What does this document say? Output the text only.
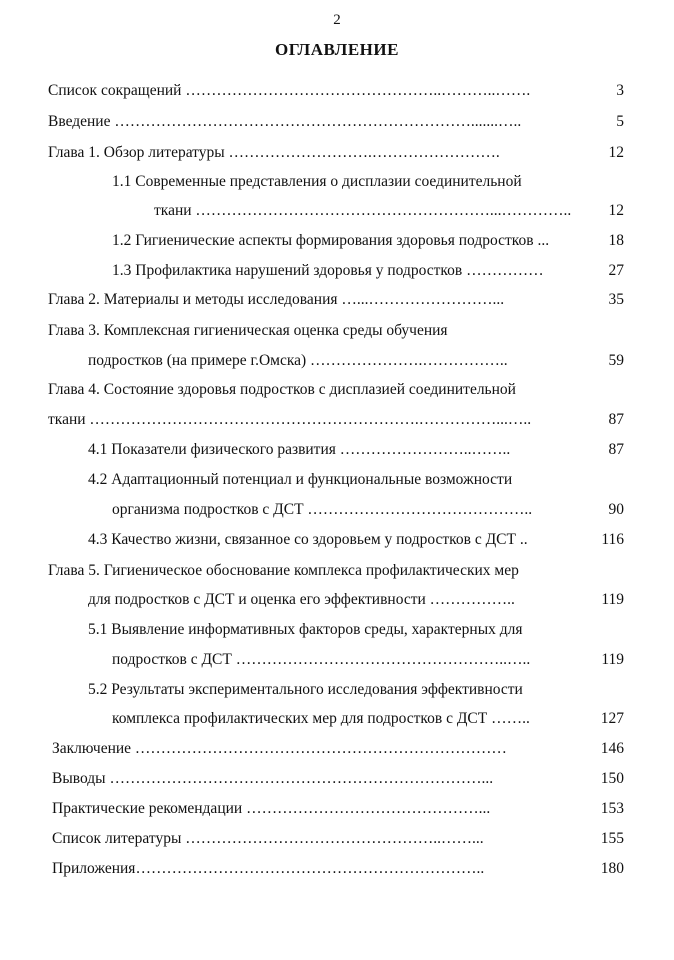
2
ОГЛАВЛЕНИЕ
Список сокращений …………………………………………..………..…….	3
Введение …………………………………………………………….......…..	5
Глава 1. Обзор литературы ……………………….…………………….	12
1.1 Современные представления о дисплазии соединительной
ткани …………………………………………………...………….. 12
1.2 Гигиенические аспекты формирования здоровья подростков ...	18
1.3 Профилактика нарушений здоровья у подростков ……………	27
Глава 2. Материалы и методы исследования …...……………………...	35
Глава 3. Комплексная гигиеническая оценка среды обучения
подростков (на примере г.Омска) ………………….……………..	59
Глава 4. Состояние здоровья подростков с дисплазией соединительной
ткани ……………………………………………………….……………...…..	87
4.1 Показатели физического развития ……………………..……..	87
4.2 Адаптационный потенциал и функциональные возможности
организма подростков с ДСТ ……………………………………..	90
4.3 Качество жизни, связанное со здоровьем у подростков с ДСТ ..	116
Глава 5. Гигиеническое обоснование комплекса профилактических мер
для подростков с ДСТ и оценка его эффективности ……………..	119
5.1 Выявление информативных факторов среды, характерных для
подростков с ДСТ ……………………………………………..…..	119
5.2 Результаты экспериментального исследования эффективности
комплекса профилактических мер для подростков с ДСТ ……..	127
Заключение ………………………………………………………………	146
Выводы ………………………………………………………………...	150
Практические рекомендации ………………………………………...	153
Список литературы …………………………………………..……...	155
Приложения…………………………………………………………..	180
